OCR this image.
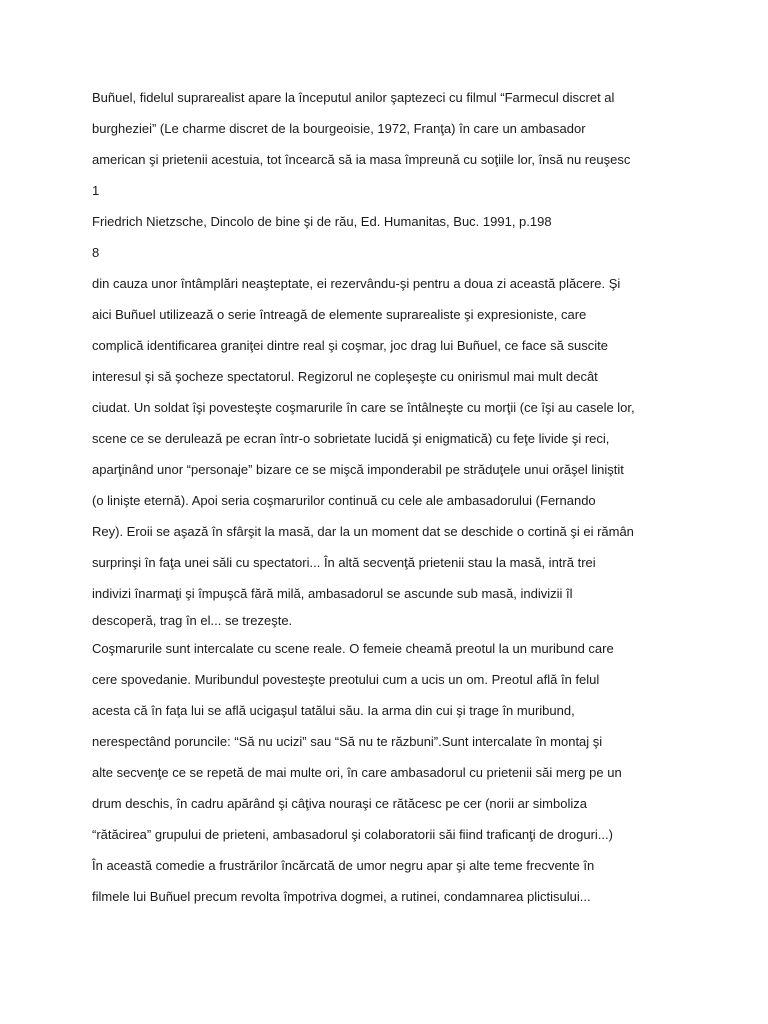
Buñuel, fidelul suprarealist apare la începutul anilor şaptezeci cu filmul “Farmecul discret al
burgheziei” (Le charme discret de la bourgeoisie, 1972, Franţa) în care un ambasador
american şi prietenii acestuia, tot încearcă să ia masa împreună cu soţiile lor, însă nu reuşesc
1
Friedrich Nietzsche, Dincolo de bine şi de rău, Ed. Humanitas, Buc. 1991, p.198
8
din cauza unor întâmplări neaşteptate, ei rezervându-şi pentru a doua zi această plăcere. Şi
aici Buñuel utilizează o serie întreagă de elemente suprarealiste şi expresioniste, care
complică identificarea graniţei dintre real şi coşmar, joc drag lui Buñuel, ce face să suscite
interesul şi să şocheze spectatorul. Regizorul ne copleşeşte cu onirismul mai mult decât
ciudat. Un soldat îşi povesteşte coşmarurile în care se întâlneşte cu morţii (ce îşi au casele lor,
scene ce se derulează pe ecran într-o sobrietate lucidă şi enigmatică) cu feţe livide şi reci,
aparţinând unor “personaje” bizare ce se mişcă imponderabil pe străduţele unui orăşel liniştit
(o linişte eternă). Apoi seria coşmarurilor continuă cu cele ale ambasadorului (Fernando
Rey). Eroii se aşază în sfârşit la masă, dar la un moment dat se deschide o cortină şi ei rămân
surprinşi în faţa unei săli cu spectatori... În altă secvenţă prietenii stau la masă, intră trei
indivizi înarmaţi şi împuşcă fără milă, ambasadorul se ascunde sub masă, indivizii îl
descoperă, trag în el... se trezeşte.
Coşmarurile sunt intercalate cu scene reale. O femeie cheamă preotul la un muribund care
cere spovedanie. Muribundul povesteşte preotului cum a ucis un om. Preotul află în felul
acesta că în faţa lui se află ucigaşul tatălui său. Ia arma din cui şi trage în muribund,
nerespectând poruncile: “Să nu ucizi” sau “Să nu te răzbuni”.Sunt intercalate în montaj şi
alte secvenţe ce se repetă de mai multe ori, în care ambasadorul cu prietenii săi merg pe un
drum deschis, în cadru apărând şi câţiva nouraşi ce rătăcesc pe cer (norii ar simboliza
“rătăcirea” grupului de prieteni, ambasadorul şi colaboratorii săi fiind traficanţi de droguri...)
În această comedie a frustrărilor încărcată de umor negru apar şi alte teme frecvente în
filmele lui Buñuel precum revolta împotriva dogmei, a rutinei, condamnarea plictisului...
